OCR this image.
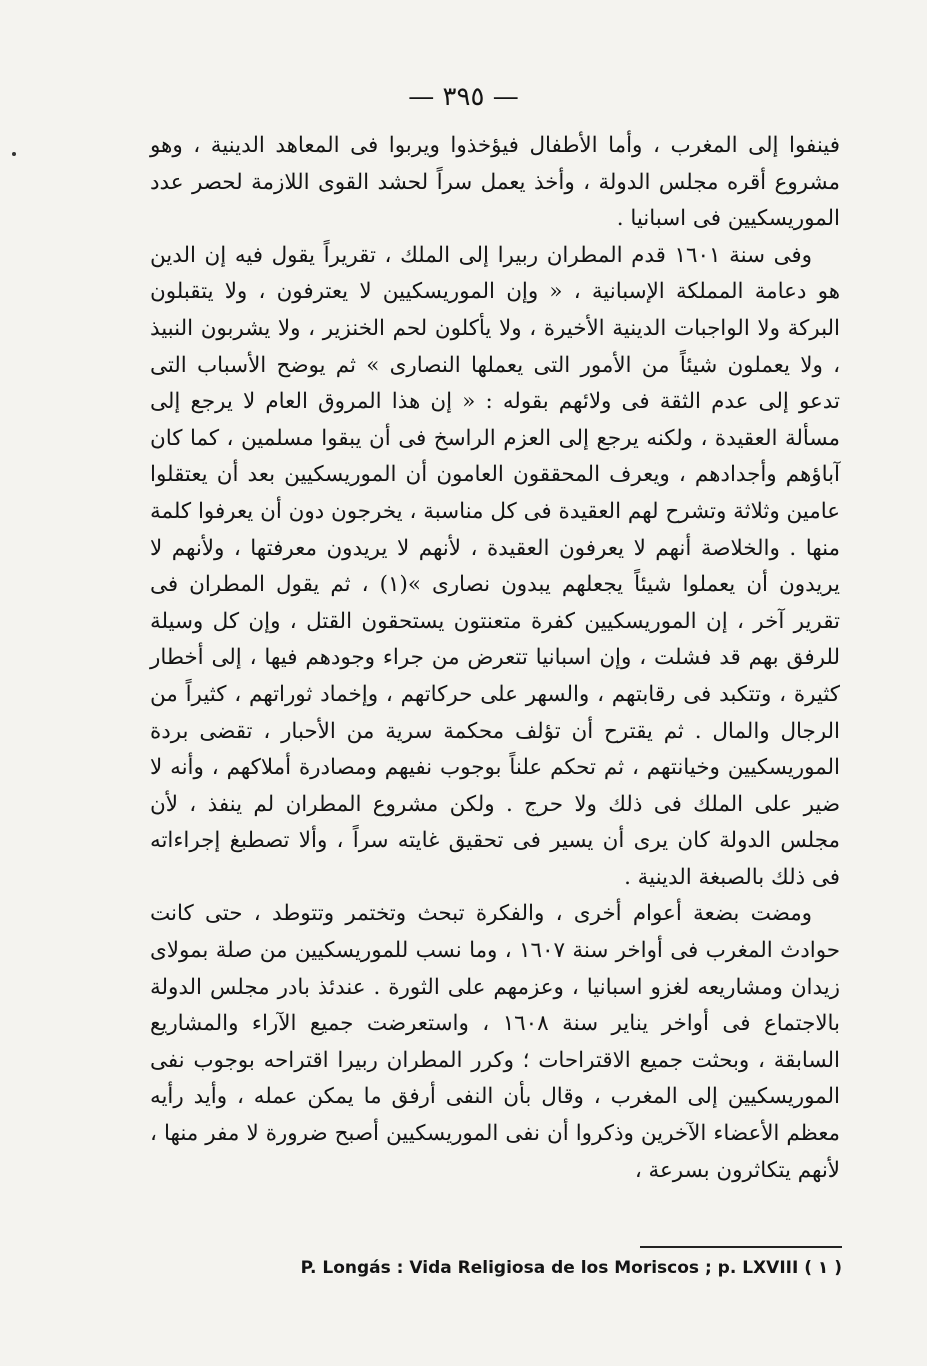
— ٣٩٥ —

فينفوا إلى المغرب ، وأما الأطفال فيؤخذوا ويربوا فى المعاهد الدينية ، وهو مشروع أقره مجلس الدولة ، وأخذ يعمل سراً لحشد القوى اللازمة لحصر عدد الموريسكيين فى اسبانيا .

وفى سنة ١٦٠١ قدم المطران ربيرا إلى الملك ، تقريراً يقول فيه إن الدين هو دعامة المملكة الإسبانية ، « وإن الموريسكيين لا يعترفون ، ولا يتقبلون البركة ولا الواجبات الدينية الأخيرة ، ولا يأكلون لحم الخنزير ، ولا يشربون النبيذ ، ولا يعملون شيئاً من الأمور التى يعملها النصارى » ثم يوضح الأسباب التى تدعو إلى عدم الثقة فى ولائهم بقوله : « إن هذا المروق العام لا يرجع إلى مسألة العقيدة ، ولكنه يرجع إلى العزم الراسخ فى أن يبقوا مسلمين ، كما كان آباؤهم وأجدادهم ، ويعرف المحققون العامون أن الموريسكيين بعد أن يعتقلوا عامين وثلاثة وتشرح لهم العقيدة فى كل مناسبة ، يخرجون دون أن يعرفوا كلمة منها . والخلاصة أنهم لا يعرفون العقيدة ، لأنهم لا يريدون معرفتها ، ولأنهم لا يريدون أن يعملوا شيئاً يجعلهم يبدون نصارى »(١) ، ثم يقول المطران فى تقرير آخر ، إن الموريسكيين كفرة متعنتون يستحقون القتل ، وإن كل وسيلة للرفق بهم قد فشلت ، وإن اسبانيا تتعرض من جراء وجودهم فيها ، إلى أخطار كثيرة ، وتتكبد فى رقابتهم ، والسهر على حركاتهم ، وإخماد ثوراتهم ، كثيراً من الرجال والمال . ثم يقترح أن تؤلف محكمة سرية من الأحبار ، تقضى بردة الموريسكيين وخيانتهم ، ثم تحكم علناً بوجوب نفيهم ومصادرة أملاكهم ، وأنه لا ضير على الملك فى ذلك ولا حرج . ولكن مشروع المطران لم ينفذ ، لأن مجلس الدولة كان يرى أن يسير فى تحقيق غايته سراً ، وألا تصطبغ إجراءاته فى ذلك بالصبغة الدينية .

ومضت بضعة أعوام أخرى ، والفكرة تبحث وتختمر وتتوطد ، حتى كانت حوادث المغرب فى أواخر سنة ١٦٠٧ ، وما نسب للموريسكيين من صلة بمولاى زيدان ومشاريعه لغزو اسبانيا ، وعزمهم على الثورة . عندئذ بادر مجلس الدولة بالاجتماع فى أواخر يناير سنة ١٦٠٨ ، واستعرضت جميع الآراء والمشاريع السابقة ، وبحثت جميع الاقتراحات ؛ وكرر المطران ربيرا اقتراحه بوجوب نفى الموريسكيين إلى المغرب ، وقال بأن النفى أرفق ما يمكن عمله ، وأيد رأيه معظم الأعضاء الآخرين وذكروا أن نفى الموريسكيين أصبح ضرورة لا مفر منها ، لأنهم يتكاثرون بسرعة ،

P. Longás : Vida Religiosa de los Moriscos ; p. LXVIII ( ١ )
